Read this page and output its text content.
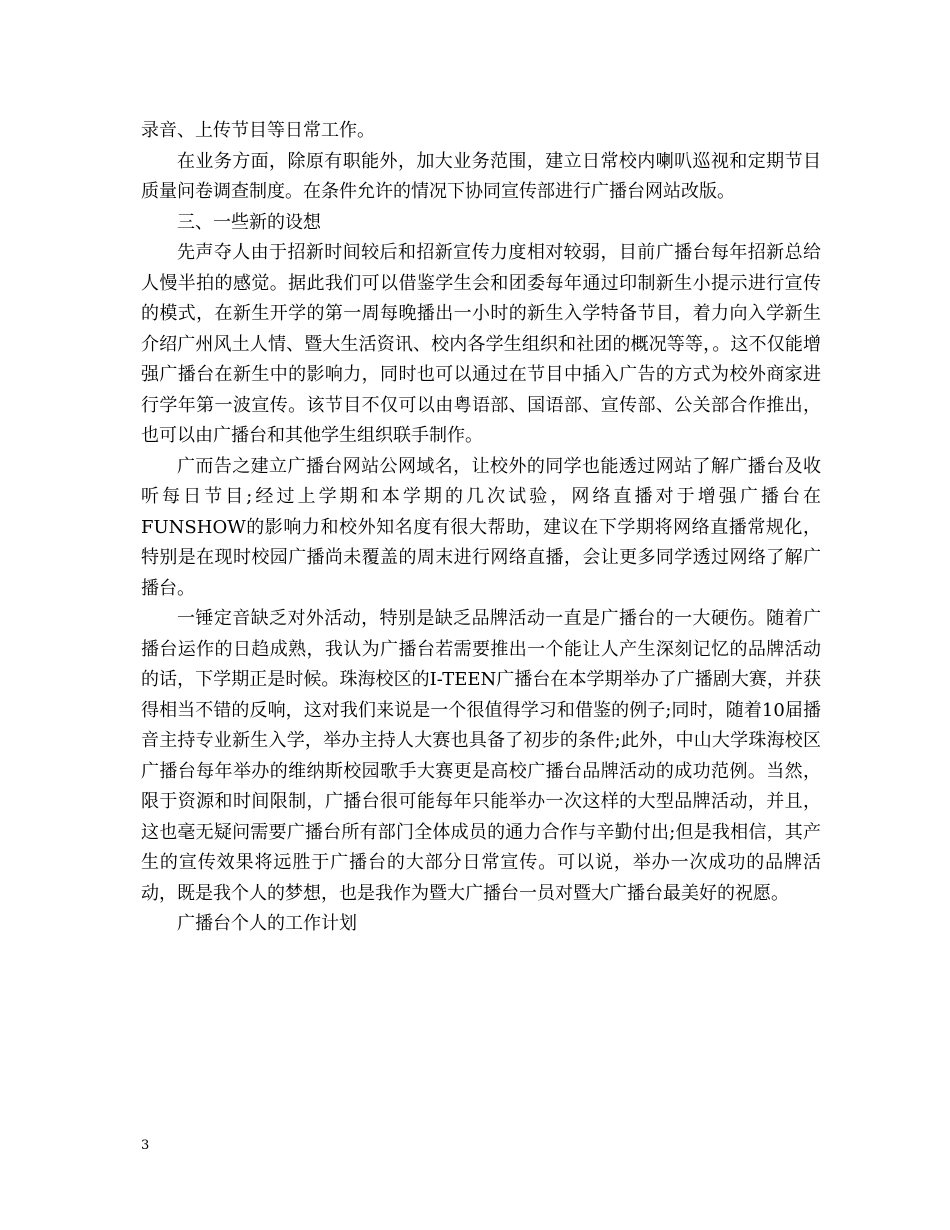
录音、上传节目等日常工作。

在业务方面，除原有职能外，加大业务范围，建立日常校内喇叭巡视和定期节目质量问卷调查制度。在条件允许的情况下协同宣传部进行广播台网站改版。

三、一些新的设想

先声夺人由于招新时间较后和招新宣传力度相对较弱，目前广播台每年招新总给人慢半拍的感觉。据此我们可以借鉴学生会和团委每年通过印制新生小提示进行宣传的模式，在新生开学的第一周每晚播出一小时的新生入学特备节目，着力向入学新生介绍广州风土人情、暨大生活资讯、校内各学生组织和社团的概况等等，。这不仅能增强广播台在新生中的影响力，同时也可以通过在节目中插入广告的方式为校外商家进行学年第一波宣传。该节目不仅可以由粤语部、国语部、宣传部、公关部合作推出，也可以由广播台和其他学生组织联手制作。

广而告之建立广播台网站公网域名，让校外的同学也能透过网站了解广播台及收听每日节目;经过上学期和本学期的几次试验，网络直播对于增强广播台在FUNSHOW的影响力和校外知名度有很大帮助，建议在下学期将网络直播常规化，特别是在现时校园广播尚未覆盖的周末进行网络直播，会让更多同学透过网络了解广播台。

一锤定音缺乏对外活动，特别是缺乏品牌活动一直是广播台的一大硬伤。随着广播台运作的日趋成熟，我认为广播台若需要推出一个能让人产生深刻记忆的品牌活动的话，下学期正是时候。珠海校区的I-TEEN广播台在本学期举办了广播剧大赛，并获得相当不错的反响，这对我们来说是一个很值得学习和借鉴的例子;同时，随着10届播音主持专业新生入学，举办主持人大赛也具备了初步的条件;此外，中山大学珠海校区广播台每年举办的维纳斯校园歌手大赛更是高校广播台品牌活动的成功范例。当然，限于资源和时间限制，广播台很可能每年只能举办一次这样的大型品牌活动，并且，这也毫无疑问需要广播台所有部门全体成员的通力合作与辛勤付出;但是我相信，其产生的宣传效果将远胜于广播台的大部分日常宣传。可以说，举办一次成功的品牌活动，既是我个人的梦想，也是我作为暨大广播台一员对暨大广播台最美好的祝愿。

广播台个人的工作计划

3
